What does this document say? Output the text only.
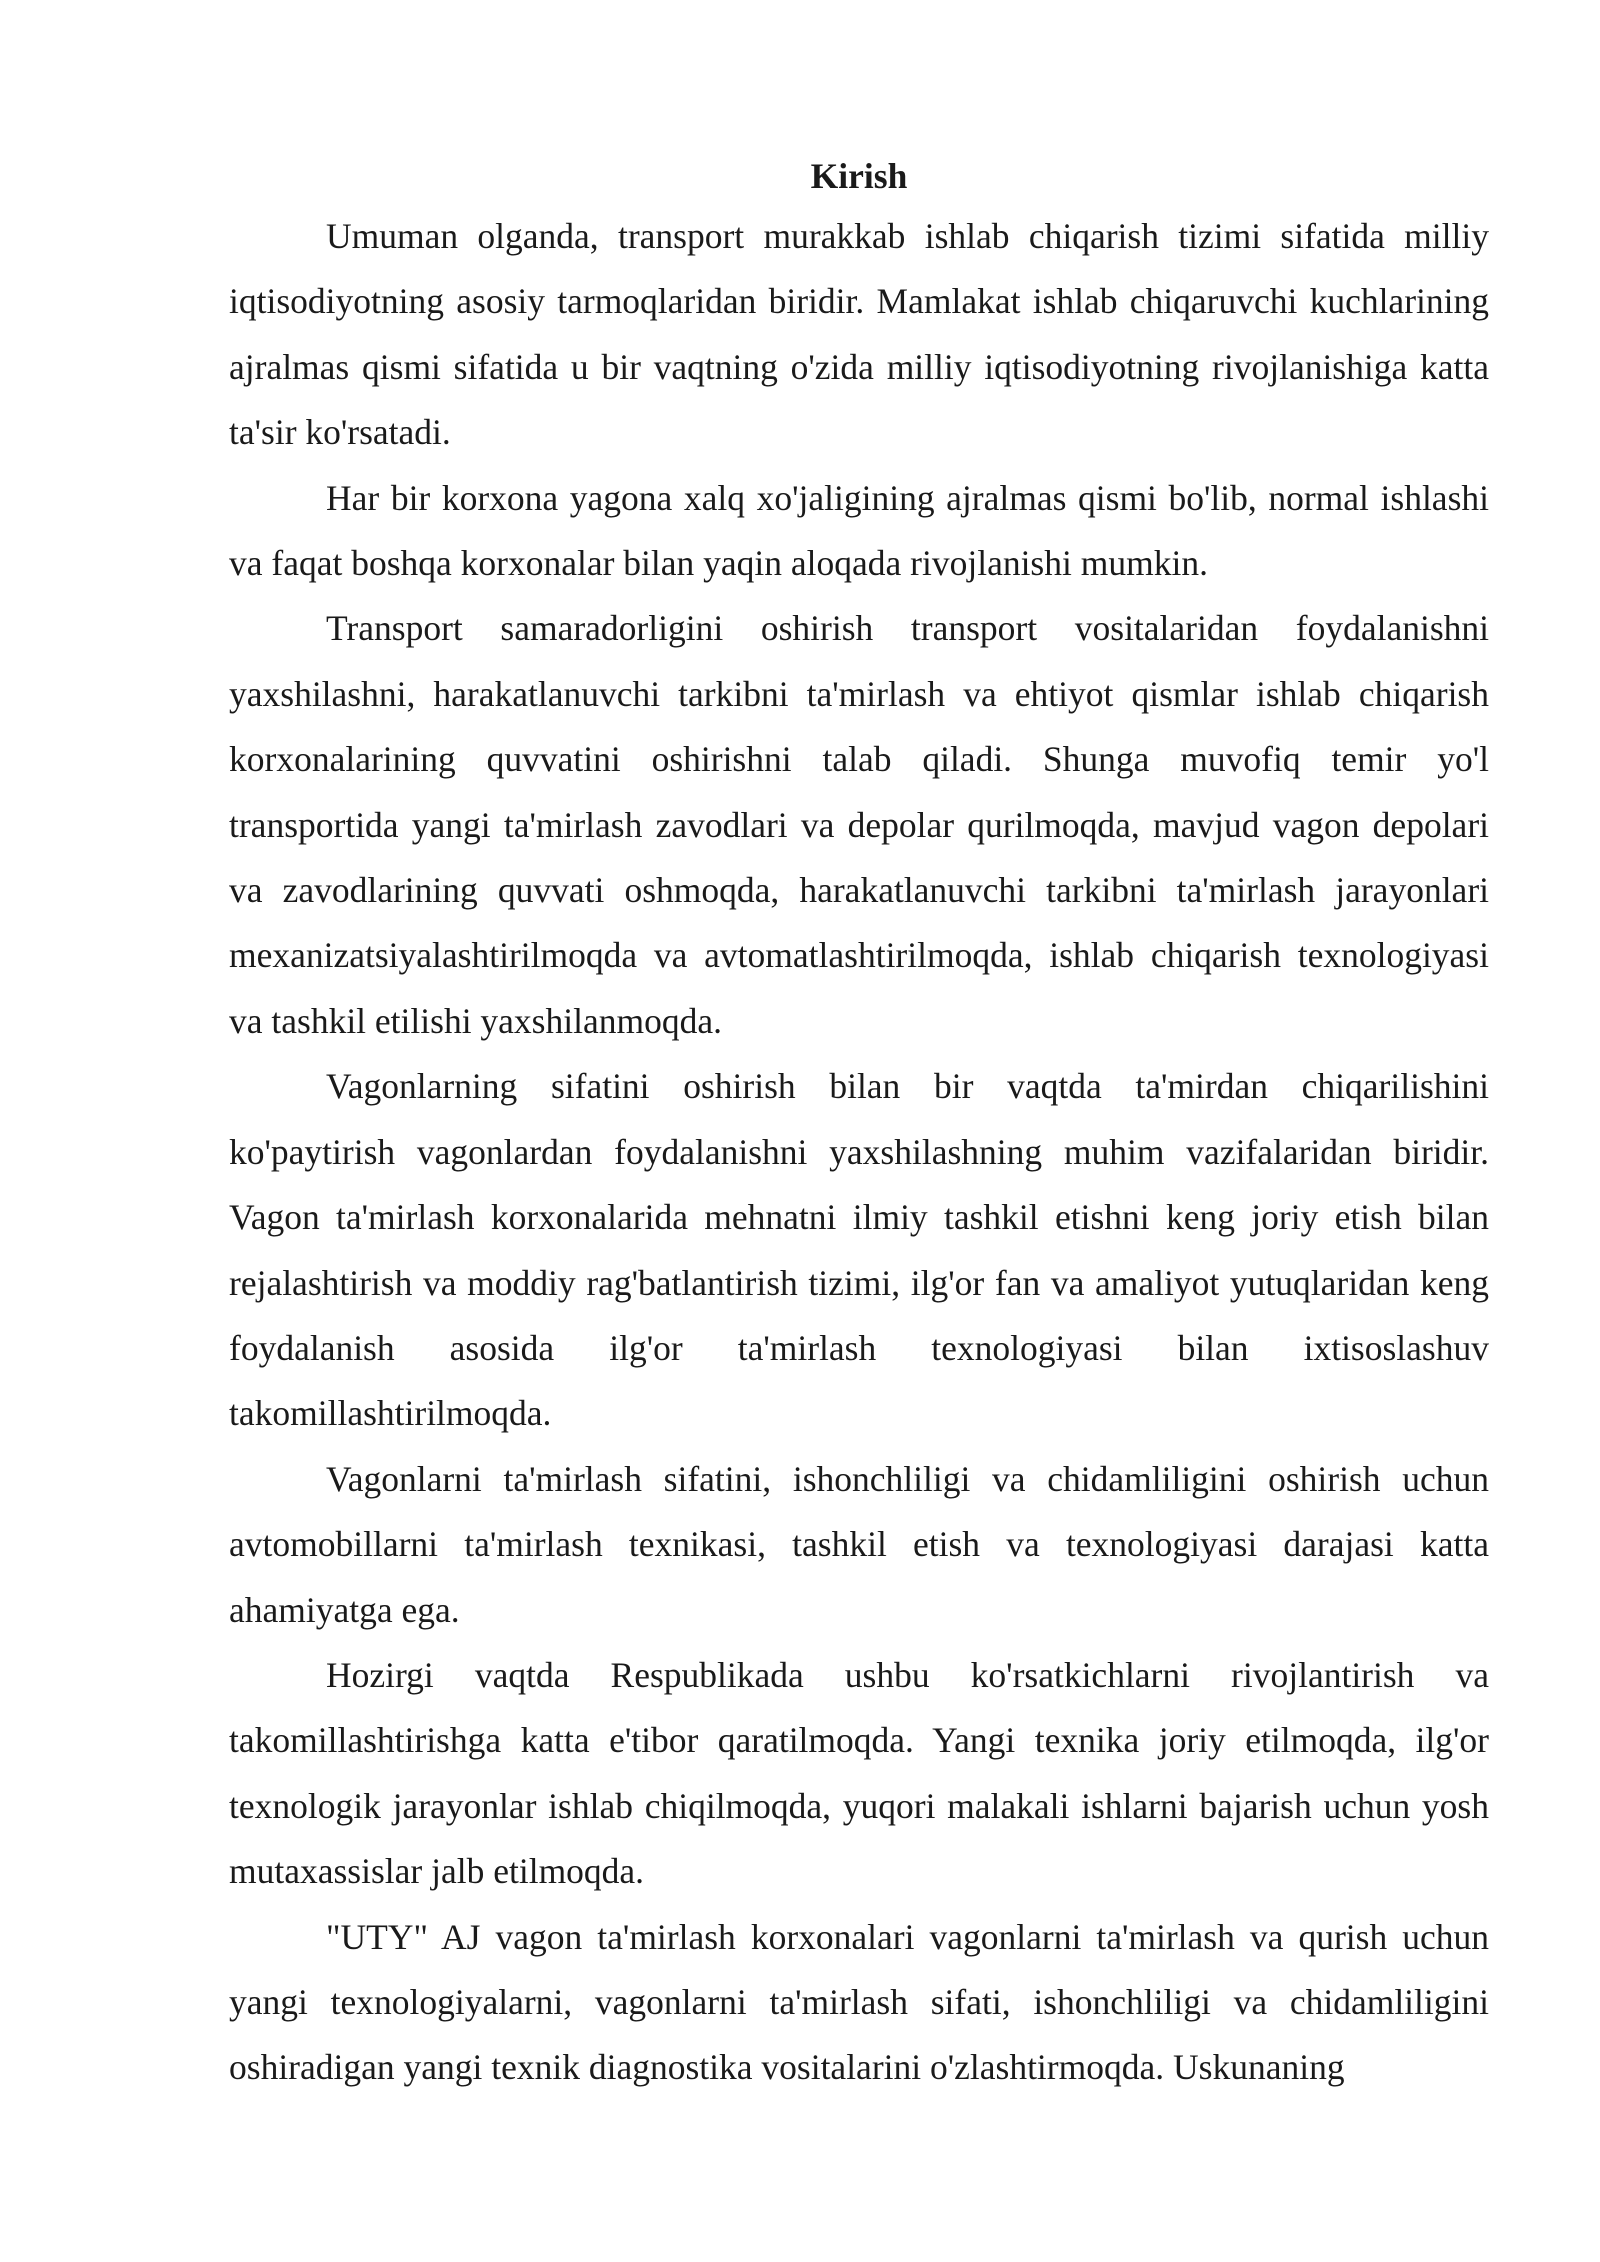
Kirish

Umuman olganda, transport murakkab ishlab chiqarish tizimi sifatida milliy iqtisodiyotning asosiy tarmoqlaridan biridir. Mamlakat ishlab chiqaruvchi kuchlarining ajralmas qismi sifatida u bir vaqtning o'zida milliy iqtisodiyotning rivojlanishiga katta ta'sir ko'rsatadi.

Har bir korxona yagona xalq xo'jaligining ajralmas qismi bo'lib, normal ishlashi va faqat boshqa korxonalar bilan yaqin aloqada rivojlanishi mumkin.

Transport samaradorligini oshirish transport vositalaridan foydalanishni yaxshilashni, harakatlanuvchi tarkibni ta'mirlash va ehtiyot qismlar ishlab chiqarish korxonalarining quvvatini oshirishni talab qiladi. Shunga muvofiq temir yo'l transportida yangi ta'mirlash zavodlari va depolar qurilmoqda, mavjud vagon depolari va zavodlarining quvvati oshmoqda, harakatlanuvchi tarkibni ta'mirlash jarayonlari mexanizatsiyalashtirilmoqda va avtomatlashtirilmoqda, ishlab chiqarish texnologiyasi va tashkil etilishi yaxshilanmoqda.

Vagonlarning sifatini oshirish bilan bir vaqtda ta'mirdan chiqarilishini ko'paytirish vagonlardan foydalanishni yaxshilashning muhim vazifalaridan biridir. Vagon ta'mirlash korxonalarida mehnatni ilmiy tashkil etishni keng joriy etish bilan rejalashtirish va moddiy rag'batlantirish tizimi, ilg'or fan va amaliyot yutuqlaridan keng foydalanish asosida ilg'or ta'mirlash texnologiyasi bilan ixtisoslashuv takomillashtirilmoqda.

Vagonlarni ta'mirlash sifatini, ishonchliligi va chidamliligini oshirish uchun avtomobillarni ta'mirlash texnikasi, tashkil etish va texnologiyasi darajasi katta ahamiyatga ega.

Hozirgi vaqtda Respublikada ushbu ko'rsatkichlarni rivojlantirish va takomillashtirishga katta e'tibor qaratilmoqda. Yangi texnika joriy etilmoqda, ilg'or texnologik jarayonlar ishlab chiqilmoqda, yuqori malakali ishlarni bajarish uchun yosh mutaxassislar jalb etilmoqda.

"UTY" AJ vagon ta'mirlash korxonalari vagonlarni ta'mirlash va qurish uchun yangi texnologiyalarni, vagonlarni ta'mirlash sifati, ishonchliligi va chidamliligini oshiradigan yangi texnik diagnostika vositalarini o'zlashtirmoqda. Uskunaning
